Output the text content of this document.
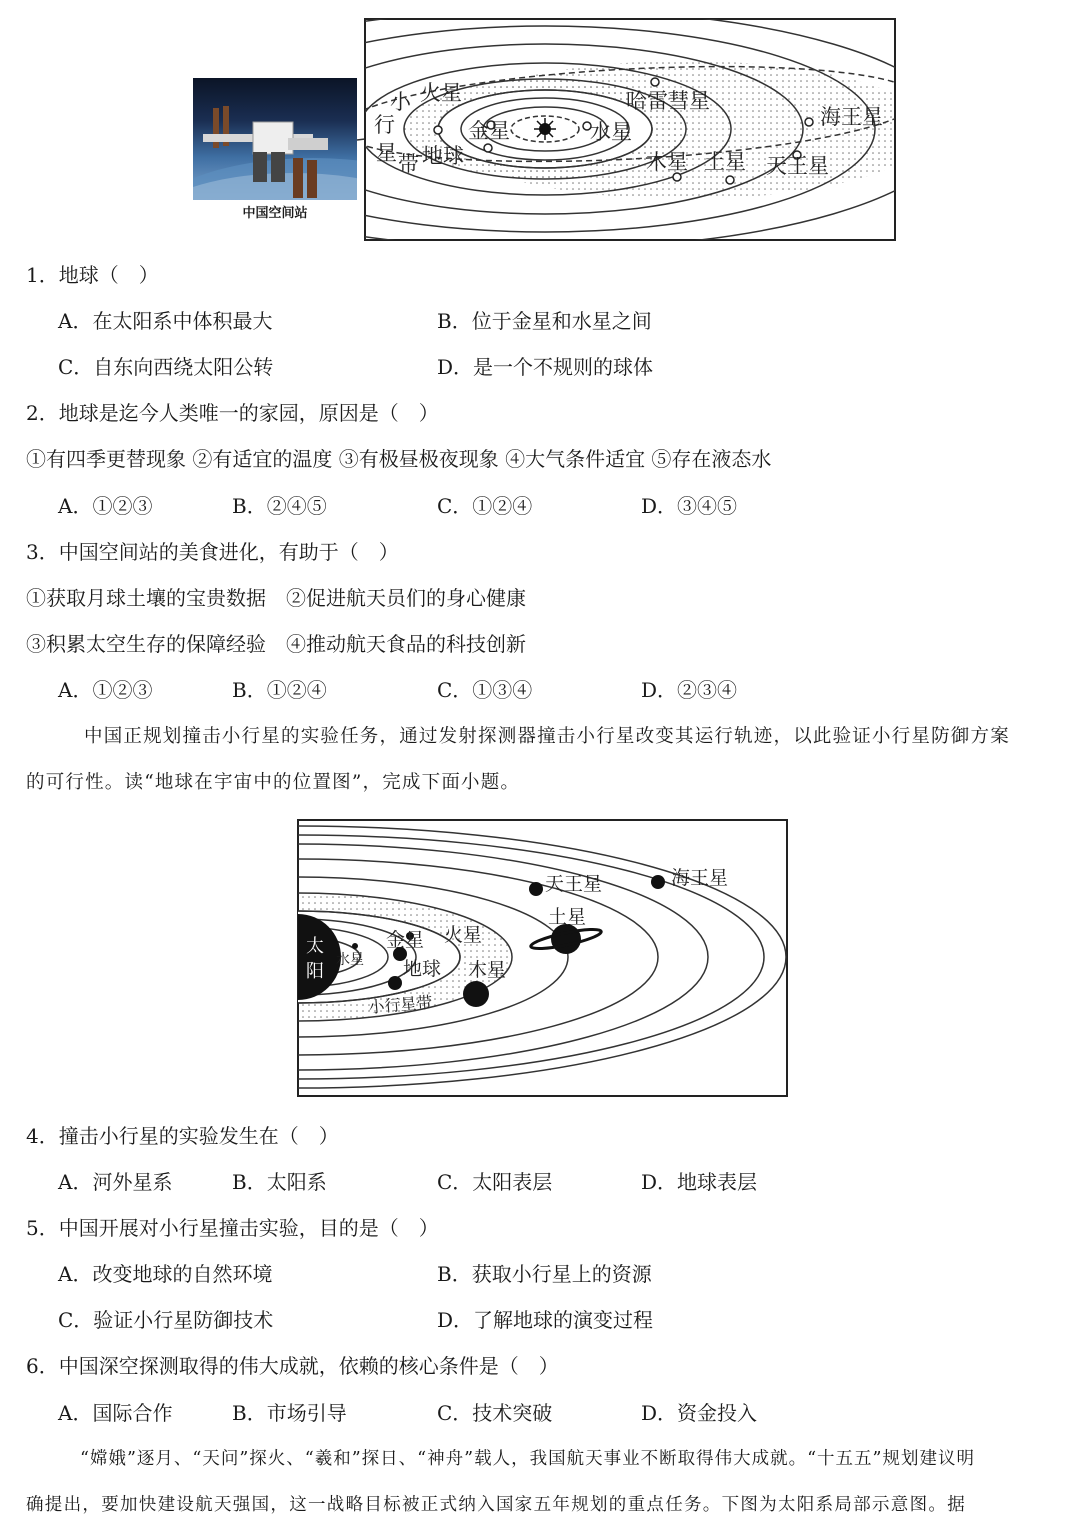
中国空间站
小
行
星 带
火星	哈雷彗星
海王星
金星	水星
地球	木星 土星 天王星
1．地球（　）
A．在太阳系中体积最大	B．位于金星和水星之间
C．自东向西绕太阳公转	D．是一个不规则的球体
2．地球是迄今人类唯一的家园，原因是（　）
①有四季更替现象 ②有适宜的温度 ③有极昼极夜现象 ④大气条件适宜 ⑤存在液态水
A．①②③	B．②④⑤	C．①②④	D．③④⑤
3．中国空间站的美食进化，有助于（　）
①获取月球土壤的宝贵数据　②促进航天员们的身心健康
③积累太空生存的保障经验　④推动航天食品的科技创新
A．①②③	B．①②④	C．①③④	D．②③④
中国正规划撞击小行星的实验任务，通过发射探测器撞击小行星改变其运行轨迹，以此验证小行星防御方案
的可行性。读“地球在宇宙中的位置图”，完成下面小题。
太
阳
水星
金星 火星
地球 木星
小行星带
土星
天王星	海王星
4．撞击小行星的实验发生在（　）
A．河外星系	B．太阳系	C．太阳表层	D．地球表层
5．中国开展对小行星撞击实验，目的是（　）
A．改变地球的自然环境	B．获取小行星上的资源
C．验证小行星防御技术	D．了解地球的演变过程
6．中国深空探测取得的伟大成就，依赖的核心条件是（　）
A．国际合作	B．市场引导	C．技术突破	D．资金投入
“嫦娥”逐月、“天问”探火、“羲和”探日、“神舟”载人，我国航天事业不断取得伟大成就。“十五五”规划建议明
确提出，要加快建设航天强国，这一战略目标被正式纳入国家五年规划的重点任务。下图为太阳系局部示意图。据
